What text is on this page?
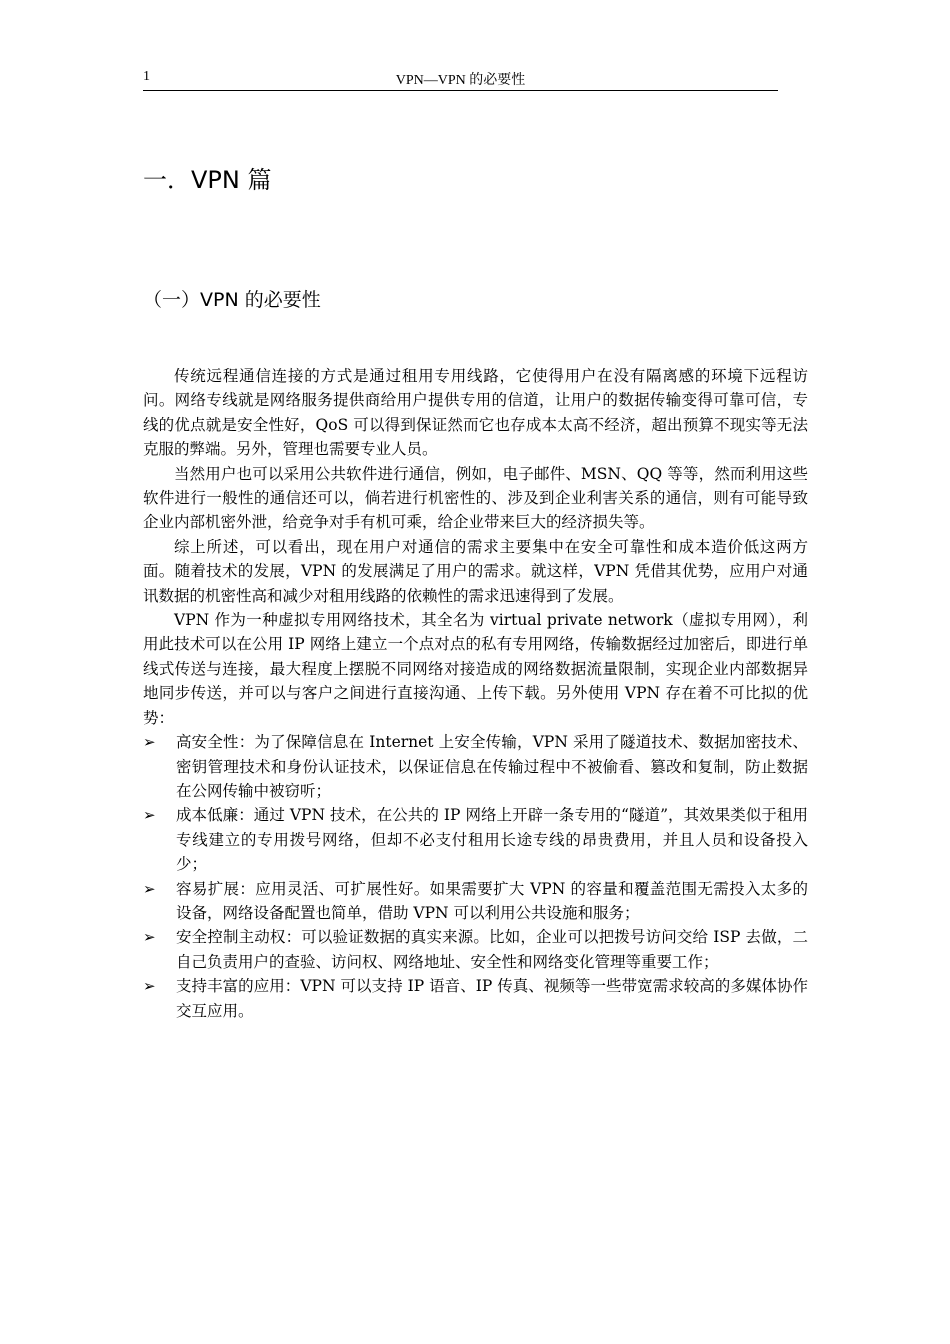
1	VPN—VPN 的必要性
一．VPN 篇
（一）VPN 的必要性

传统远程通信连接的方式是通过租用专用线路，它使得用户在没有隔离感的环境下远程访问。网络专线就是网络服务提供商给用户提供专用的信道，让用户的数据传输变得可靠可信，专线的优点就是安全性好，QoS 可以得到保证然而它也存成本太高不经济，超出预算不现实等无法克服的弊端。另外，管理也需要专业人员。

当然用户也可以采用公共软件进行通信，例如，电子邮件、MSN、QQ 等等，然而利用这些软件进行一般性的通信还可以，倘若进行机密性的、涉及到企业利害关系的通信，则有可能导致企业内部机密外泄，给竞争对手有机可乘，给企业带来巨大的经济损失等。

综上所述，可以看出，现在用户对通信的需求主要集中在安全可靠性和成本造价低这两方面。随着技术的发展，VPN 的发展满足了用户的需求。就这样，VPN 凭借其优势，应用户对通讯数据的机密性高和减少对租用线路的依赖性的需求迅速得到了发展。

VPN 作为一种虚拟专用网络技术，其全名为 virtual private network（虚拟专用网），利用此技术可以在公用 IP 网络上建立一个点对点的私有专用网络，传输数据经过加密后，即进行单线式传送与连接，最大程度上摆脱不同网络对接造成的网络数据流量限制，实现企业内部数据异地同步传送，并可以与客户之间进行直接沟通、上传下载。另外使用 VPN 存在着不可比拟的优势：

➢ 高安全性：为了保障信息在 Internet 上安全传输，VPN 采用了隧道技术、数据加密技术、密钥管理技术和身份认证技术，以保证信息在传输过程中不被偷看、篡改和复制，防止数据在公网传输中被窃听；
➢ 成本低廉：通过 VPN 技术，在公共的 IP 网络上开辟一条专用的“隧道”，其效果类似于租用专线建立的专用拨号网络，但却不必支付租用长途专线的昂贵费用，并且人员和设备投入少；
➢ 容易扩展：应用灵活、可扩展性好。如果需要扩大 VPN 的容量和覆盖范围无需投入太多的设备，网络设备配置也简单，借助 VPN 可以利用公共设施和服务；
➢ 安全控制主动权：可以验证数据的真实来源。比如，企业可以把拨号访问交给 ISP 去做，二自己负责用户的查验、访问权、网络地址、安全性和网络变化管理等重要工作；
➢ 支持丰富的应用：VPN 可以支持 IP 语音、IP 传真、视频等一些带宽需求较高的多媒体协作交互应用。
